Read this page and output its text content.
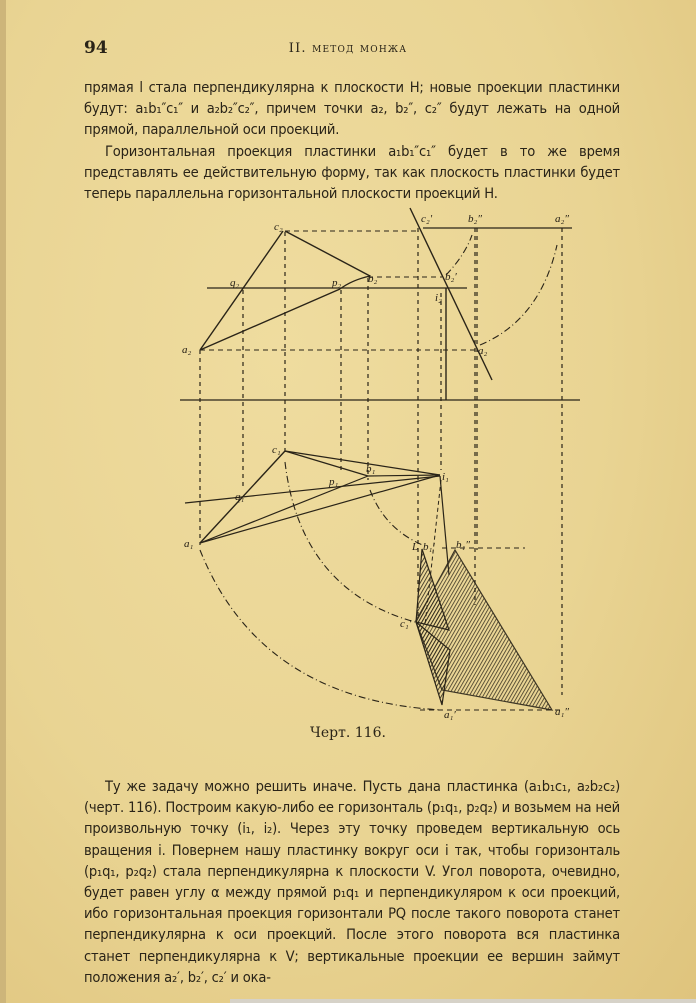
94	II. метод монжа

прямая l стала перпендикулярна к плоскости H; новые проекции пластинки будут: a₁b₁″c₁″ и a₂b₂″c₂″, причем точки a₂, b₂″, c₂″ будут лежать на одной прямой, параллельной оси проекций.

Горизонтальная проекция пластинки a₁b₁″c₁″ будет в то же время представлять ее действительную форму, так как плоскость пластинки будет теперь параллельна горизонтальной плоскости проекций H.

c₂
q₂	p₂ b₂
a₂
c₂′	b₂″	a₂″
b₂′
i₂
a₂
c₁
q₁
p₁
b₁
i₁
a₁	L b₁′ b₁″
c₁′
a₁′	a₁″
Черт. 116.

Ту же задачу можно решить иначе. Пусть дана пластинка (a₁b₁c₁, a₂b₂c₂) (черт. 116). Построим какую-либо ее горизонталь (p₁q₁, p₂q₂) и возьмем на ней произвольную точку (i₁, i₂). Через эту точку проведем вертикальную ось вращения i. Повернем нашу пластинку вокруг оси i так, чтобы горизонталь (p₁q₁, p₂q₂) стала перпендикулярна к плоскости V. Угол поворота, очевидно, будет равен углу α между прямой p₁q₁ и перпендикуляром к оси проекций, ибо горизонтальная проекция горизонтали PQ после такого поворота станет перпендикулярна к оси проекций. После этого поворота вся пластинка станет перпендикулярна к V; вертикальные проекции ее вершин займут положения a₂′, b₂′, c₂′ и ока-
